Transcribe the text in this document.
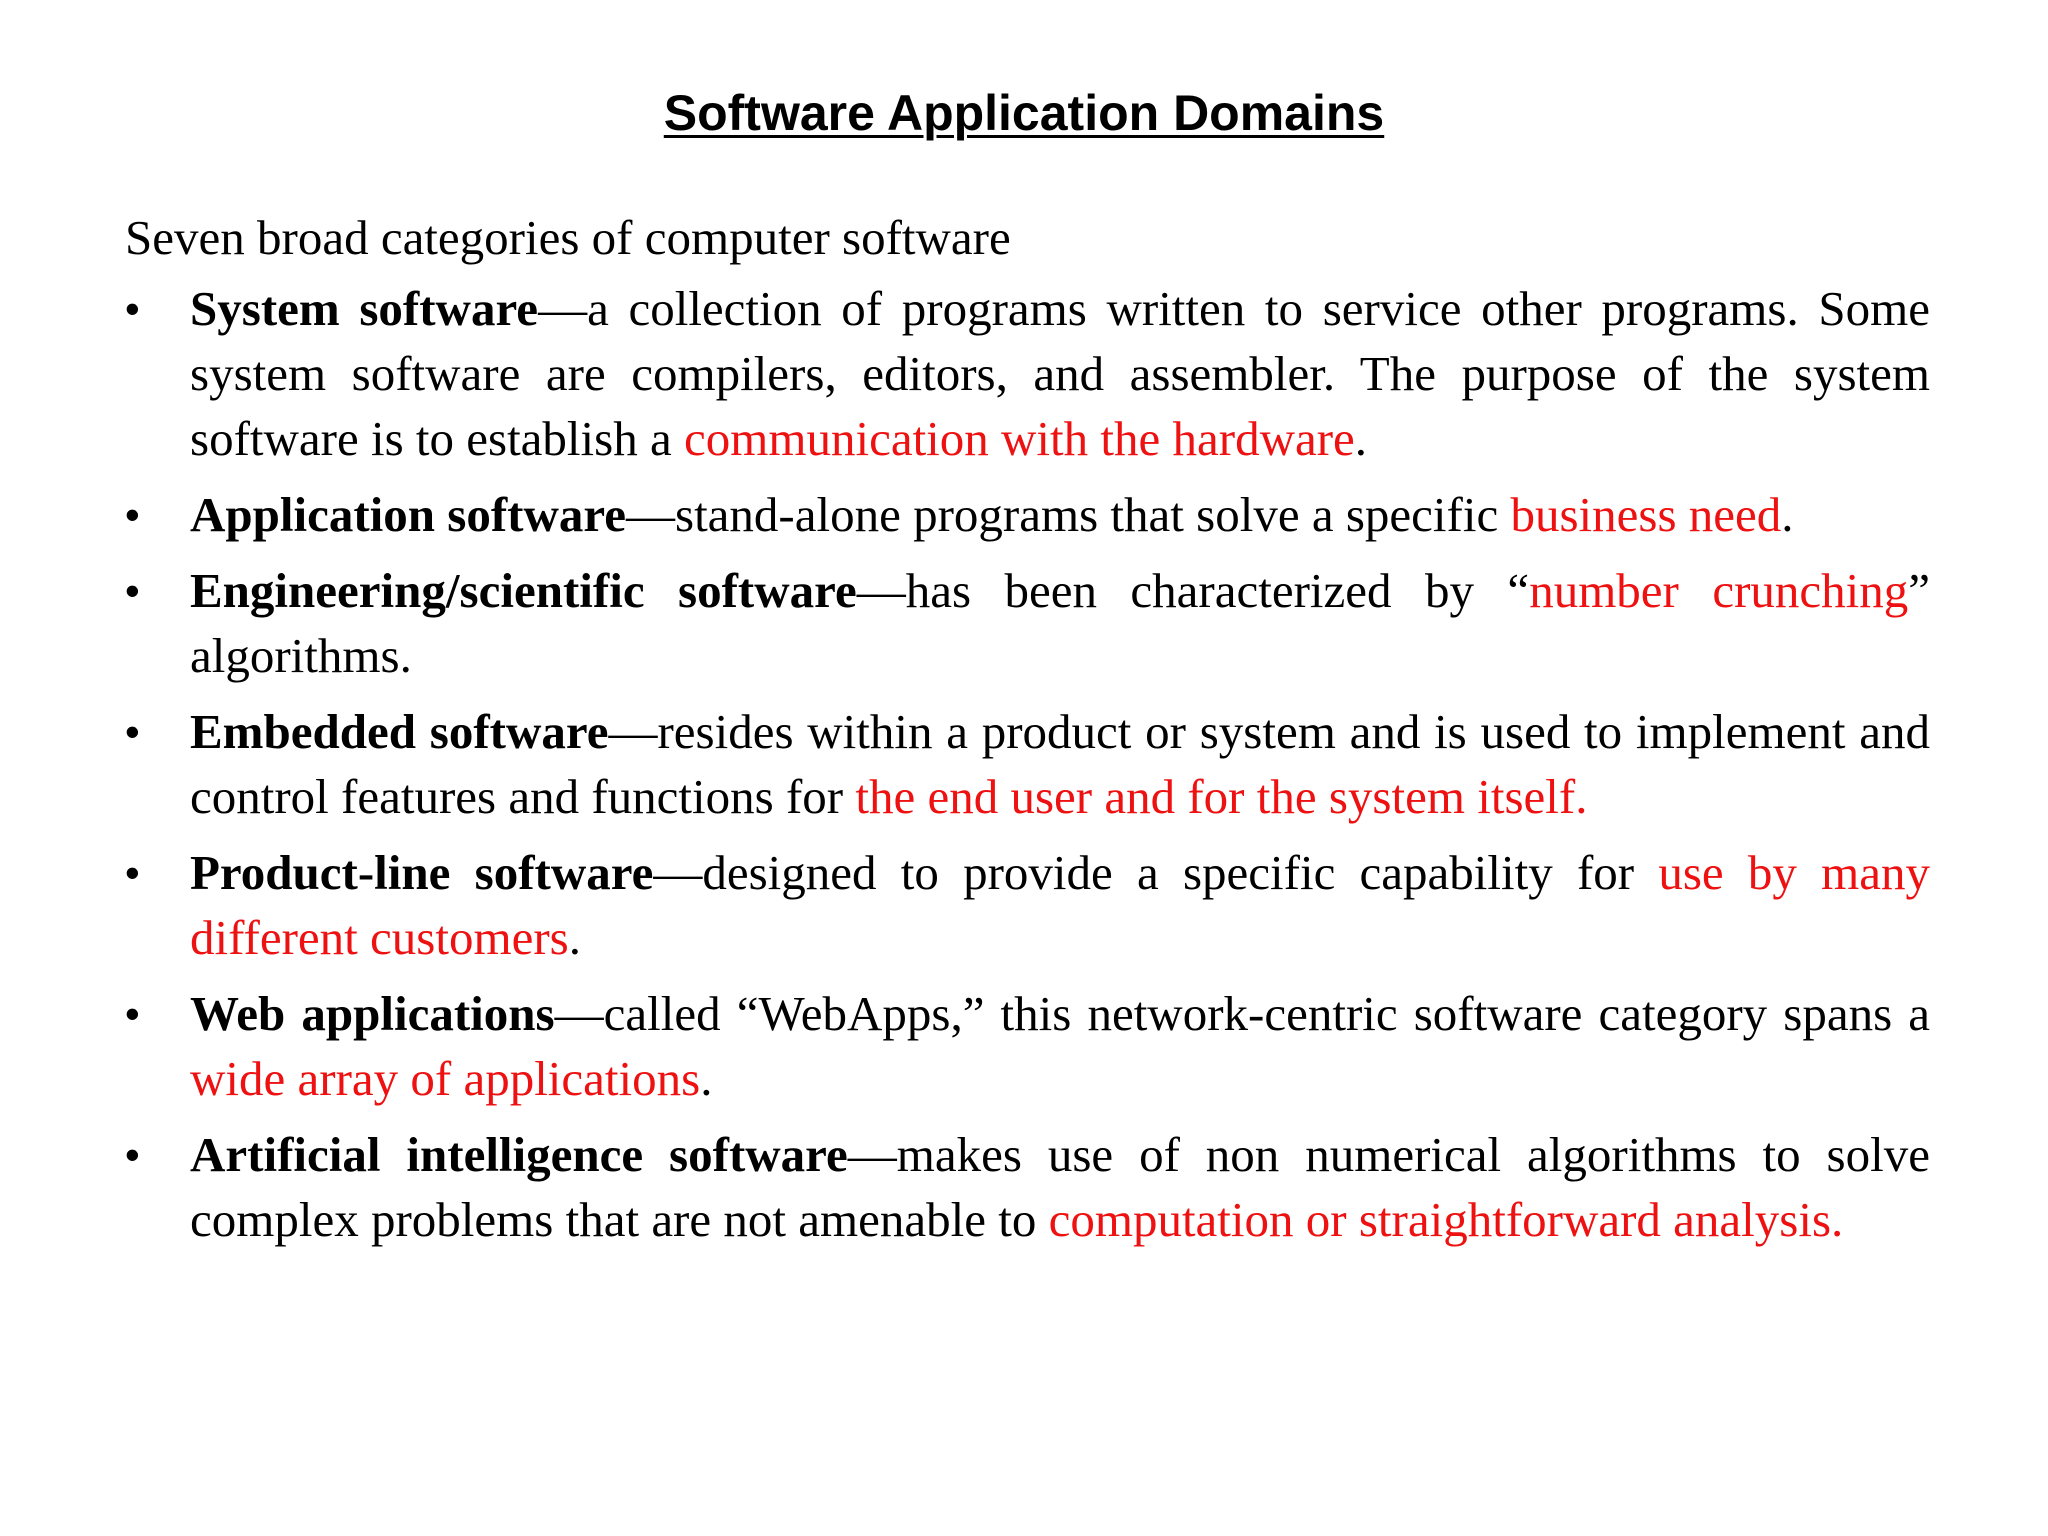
Software Application Domains

Seven broad categories of computer software

•	System software—a collection of programs written to service other programs. Some system software are compilers, editors, and assembler. The purpose of the system software is to establish a communication with the hardware.
•	Application software—stand-alone programs that solve a specific business need.
•	Engineering/scientific software—has been characterized by “number crunching” algorithms.
•	Embedded software—resides within a product or system and is used to implement and control features and functions for the end user and for the system itself.
•	Product-line software—designed to provide a specific capability for use by many different customers.
•	Web applications—called “WebApps,” this network-centric software category spans a wide array of applications.
•	Artificial intelligence software—makes use of non numerical algorithms to solve complex problems that are not amenable to computation or straightforward analysis.
